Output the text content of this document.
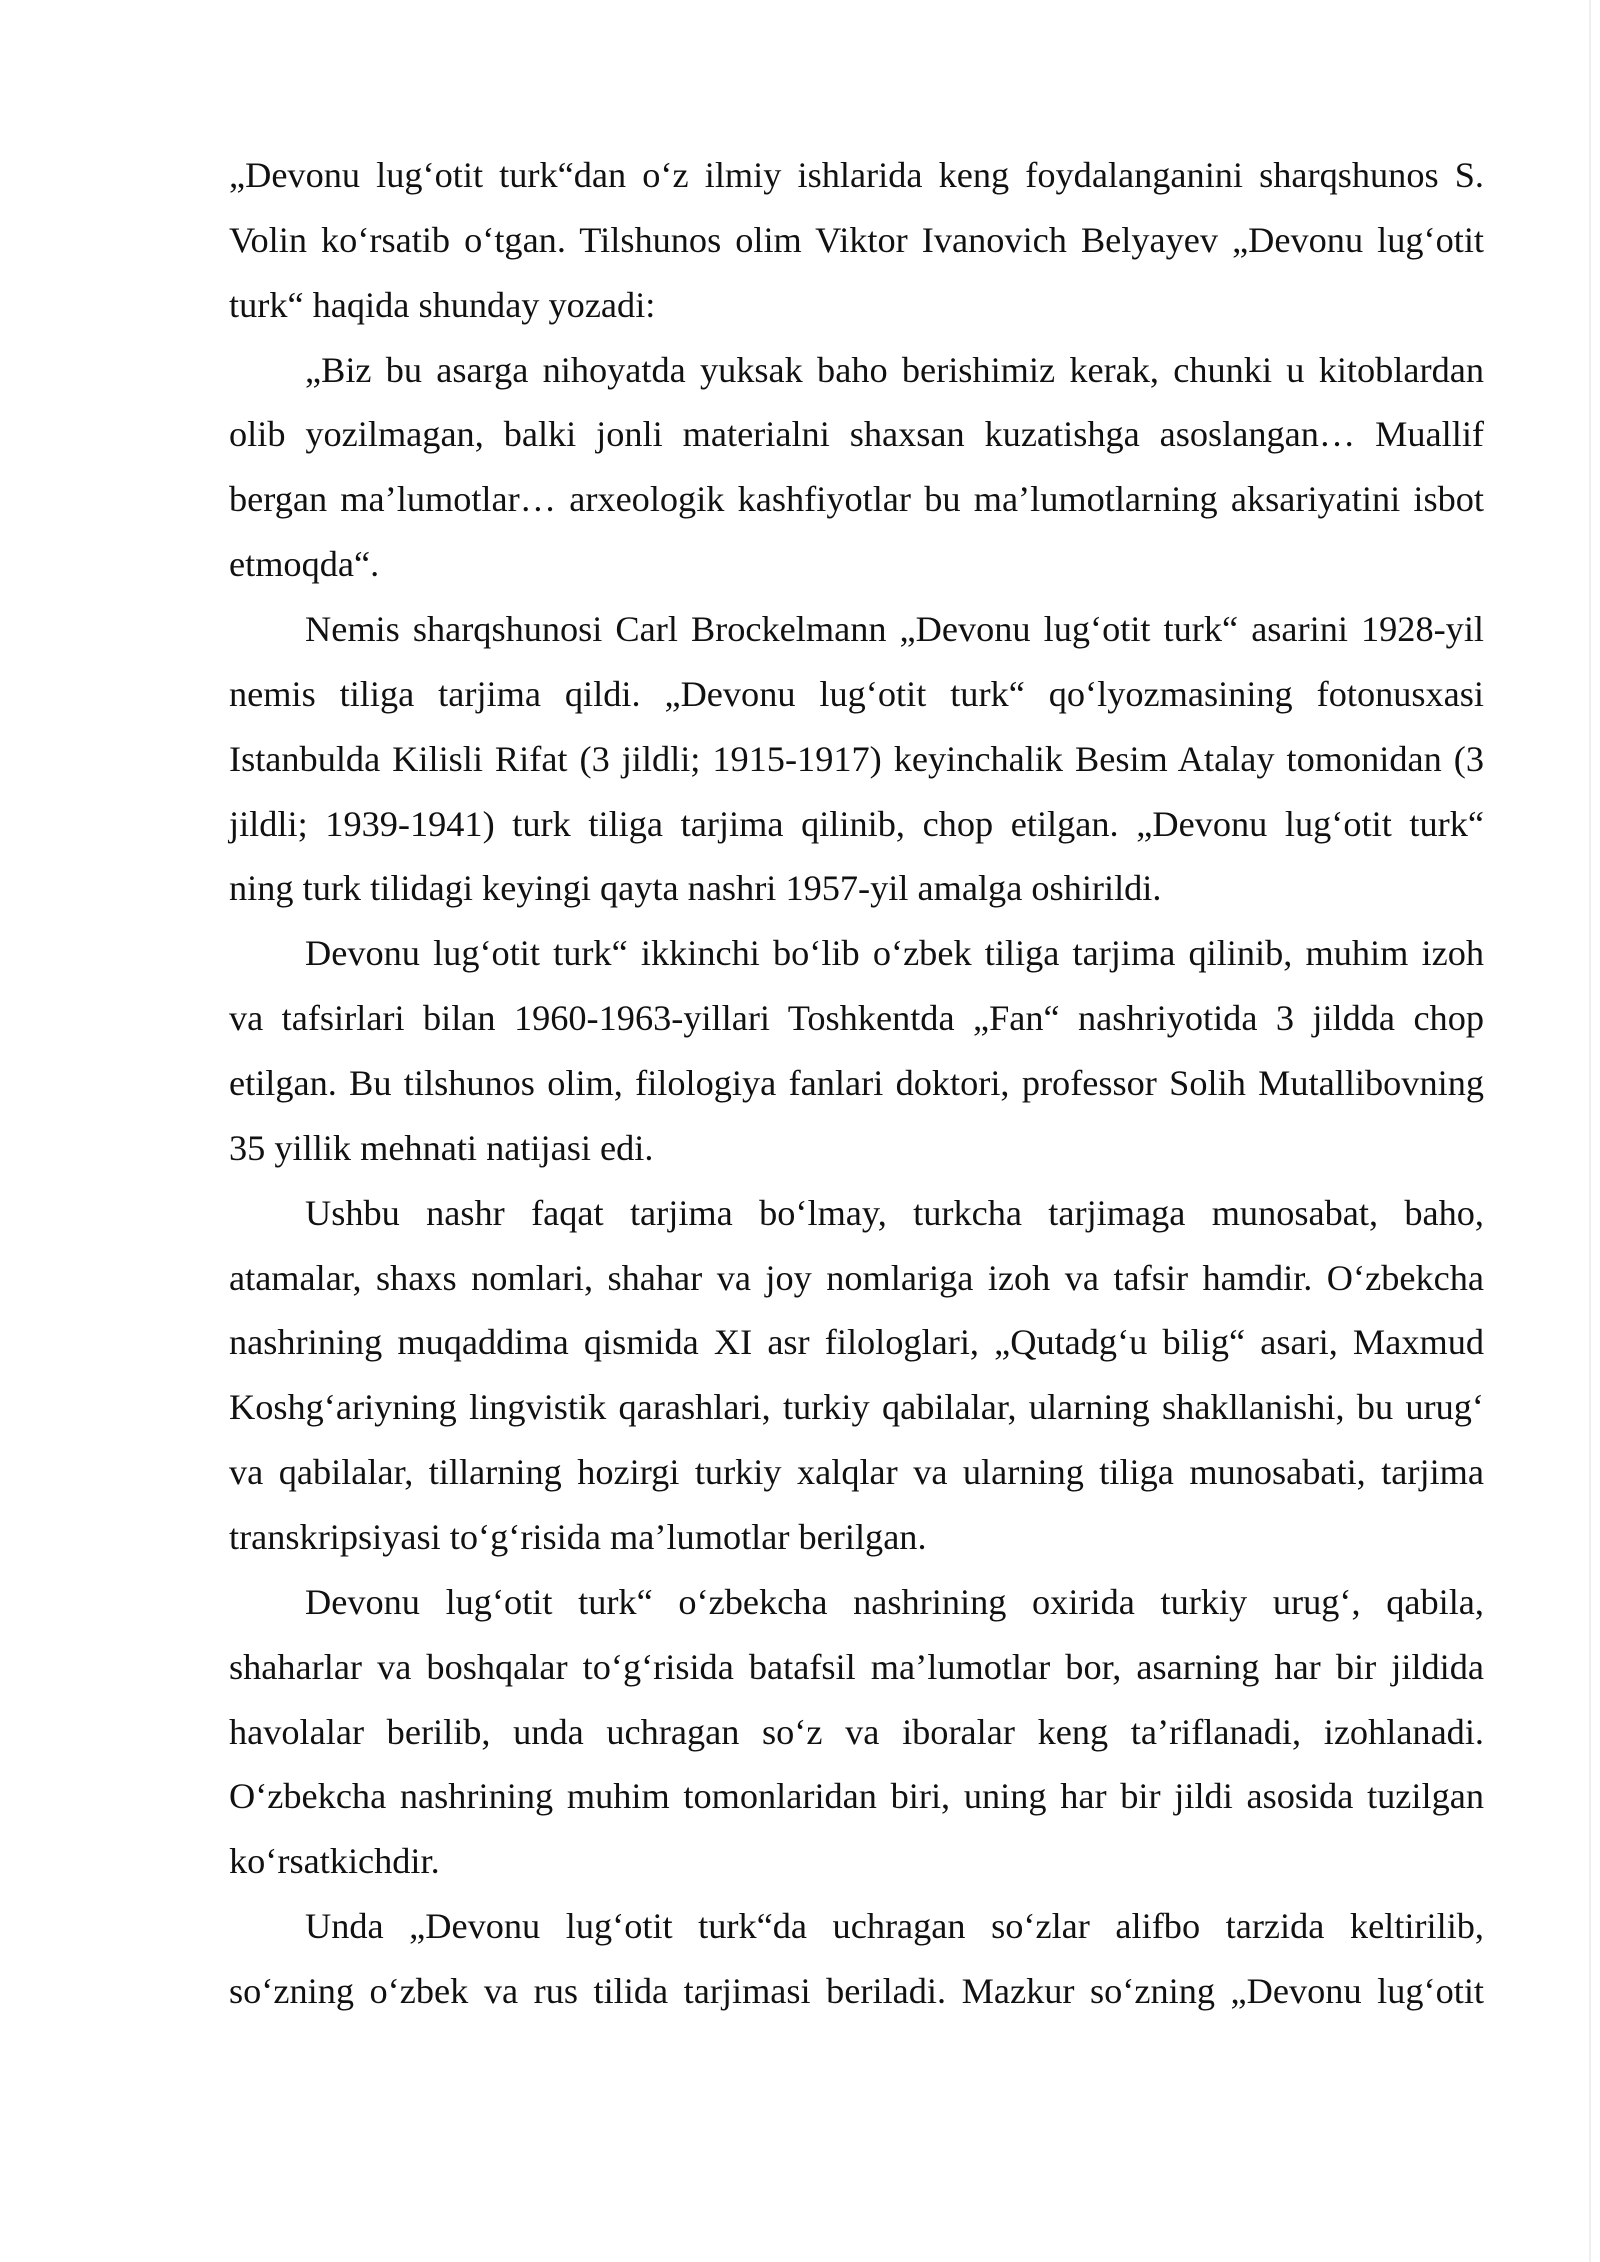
„Devonu lug‘otit turk“dan o‘z ilmiy ishlarida keng foydalanganini sharqshunos S.
Volin ko‘rsatib o‘tgan. Tilshunos olim Viktor Ivanovich Belyayev „Devonu lug‘otit
turk“ haqida shunday yozadi:
„Biz bu asarga nihoyatda yuksak baho berishimiz kerak, chunki u kitoblardan
olib yozilmagan, balki jonli materialni shaxsan kuzatishga asoslangan… Muallif
bergan ma’lumotlar… arxeologik kashfiyotlar bu ma’lumotlarning aksariyatini isbot
etmoqda“.
Nemis sharqshunosi Carl Brockelmann „Devonu lug‘otit turk“ asarini 1928-yil
nemis tiliga tarjima qildi. „Devonu lug‘otit turk“ qo‘lyozmasining fotonusxasi
Istanbulda Kilisli Rifat (3 jildli; 1915-1917) keyinchalik Besim Atalay tomonidan (3
jildli; 1939-1941) turk tiliga tarjima qilinib, chop etilgan. „Devonu lug‘otit turk“
ning turk tilidagi keyingi qayta nashri 1957-yil amalga oshirildi.
Devonu lug‘otit turk“ ikkinchi bo‘lib o‘zbek tiliga tarjima qilinib, muhim izoh
va tafsirlari bilan 1960-1963-yillari Toshkentda „Fan“ nashriyotida 3 jildda chop
etilgan. Bu tilshunos olim, filologiya fanlari doktori, professor Solih Mutallibovning
35 yillik mehnati natijasi edi.
Ushbu nashr faqat tarjima bo‘lmay, turkcha tarjimaga munosabat, baho,
atamalar, shaxs nomlari, shahar va joy nomlariga izoh va tafsir hamdir. O‘zbekcha
nashrining muqaddima qismida XI asr filologlari, „Qutadg‘u bilig“ asari, Maxmud
Koshg‘ariyning lingvistik qarashlari, turkiy qabilalar, ularning shakllanishi, bu urug‘
va qabilalar, tillarning hozirgi turkiy xalqlar va ularning tiliga munosabati, tarjima
transkripsiyasi to‘g‘risida ma’lumotlar berilgan.
Devonu lug‘otit turk“ o‘zbekcha nashrining oxirida turkiy urug‘, qabila,
shaharlar va boshqalar to‘g‘risida batafsil ma’lumotlar bor, asarning har bir jildida
havolalar berilib, unda uchragan so‘z va iboralar keng ta’riflanadi, izohlanadi.
O‘zbekcha nashrining muhim tomonlaridan biri, uning har bir jildi asosida tuzilgan
ko‘rsatkichdir.
Unda „Devonu lug‘otit turk“da uchragan so‘zlar alifbo tarzida keltirilib,
so‘zning o‘zbek va rus tilida tarjimasi beriladi. Mazkur so‘zning „Devonu lug‘otit
